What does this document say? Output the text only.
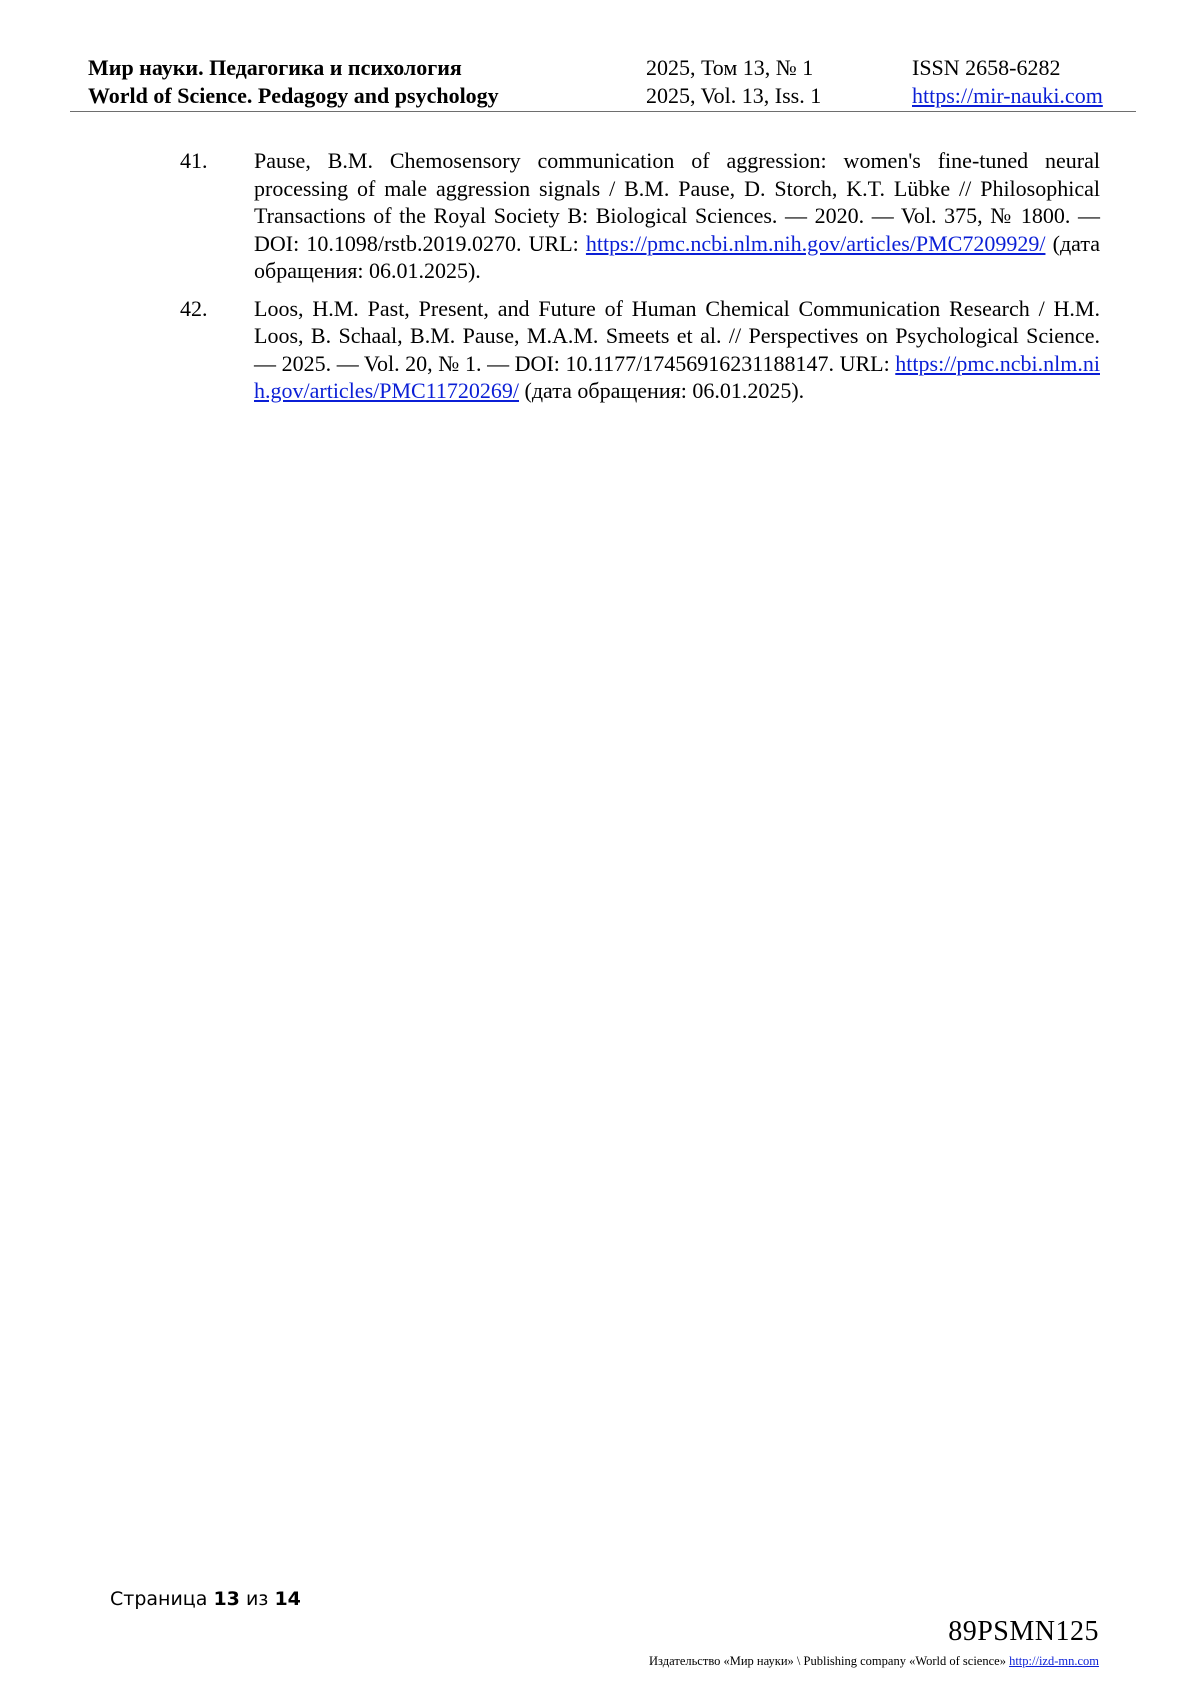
Мир науки. Педагогика и психология	2025, Том 13, № 1	ISSN 2658-6282
World of Science. Pedagogy and psychology	2025, Vol. 13, Iss. 1	https://mir-nauki.com
41. Pause, B.M. Chemosensory communication of aggression: women's fine-tuned neural processing of male aggression signals / B.M. Pause, D. Storch, K.T. Lübke // Philosophical Transactions of the Royal Society B: Biological Sciences. — 2020. — Vol. 375, № 1800. — DOI: 10.1098/rstb.2019.0270. URL: https://pmc.ncbi.nlm.nih.gov/articles/PMC7209929/ (дата обращения: 06.01.2025).
42. Loos, H.M. Past, Present, and Future of Human Chemical Communication Research / H.M. Loos, B. Schaal, B.M. Pause, M.A.M. Smeets et al. // Perspectives on Psychological Science. — 2025. — Vol. 20, № 1. — DOI: 10.1177/17456916231188147. URL: https://pmc.ncbi.nlm.nih.gov/articles/PMC11720269/ (дата обращения: 06.01.2025).
Страница 13 из 14
89PSMN125
Издательство «Мир науки» \ Publishing company «World of science» http://izd-mn.com
